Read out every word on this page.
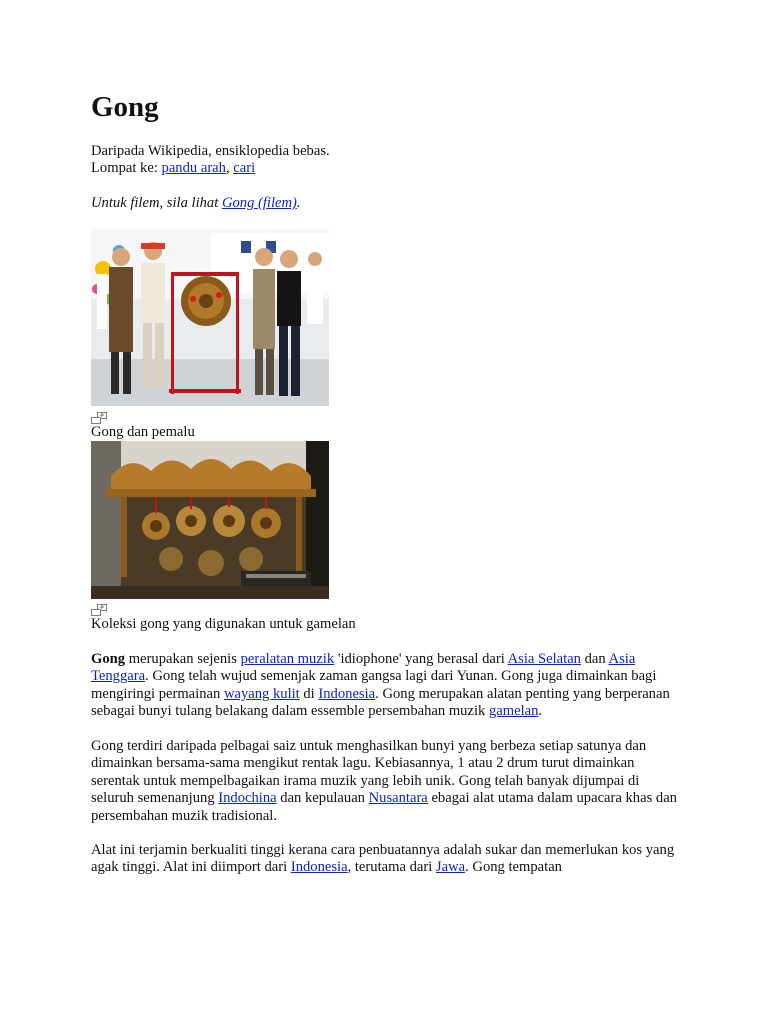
Gong
Daripada Wikipedia, ensiklopedia bebas.
Lompat ke: pandu arah, cari
Untuk filem, sila lihat Gong (filem).
Gong dan pemalu
Koleksi gong yang digunakan untuk gamelan

Gong merupakan sejenis peralatan muzik 'idiophone' yang berasal dari Asia Selatan dan Asia Tenggara. Gong telah wujud semenjak zaman gangsa lagi dari Yunan. Gong juga dimainkan bagi mengiringi permainan wayang kulit di Indonesia. Gong merupakan alatan penting yang berperanan sebagai bunyi tulang belakang dalam essemble persembahan muzik gamelan.

Gong terdiri daripada pelbagai saiz untuk menghasilkan bunyi yang berbeza setiap satunya dan dimainkan bersama-sama mengikut rentak lagu. Kebiasannya, 1 atau 2 drum turut dimainkan serentak untuk mempelbagaikan irama muzik yang lebih unik. Gong telah banyak dijumpai di seluruh semenanjung Indochina dan kepulauan Nusantara ebagai alat utama dalam upacara khas dan persembahan muzik tradisional.

Alat ini terjamin berkualiti tinggi kerana cara penbuatannya adalah sukar dan memerlukan kos yang agak tinggi. Alat ini diimport dari Indonesia, terutama dari Jawa. Gong tempatan
